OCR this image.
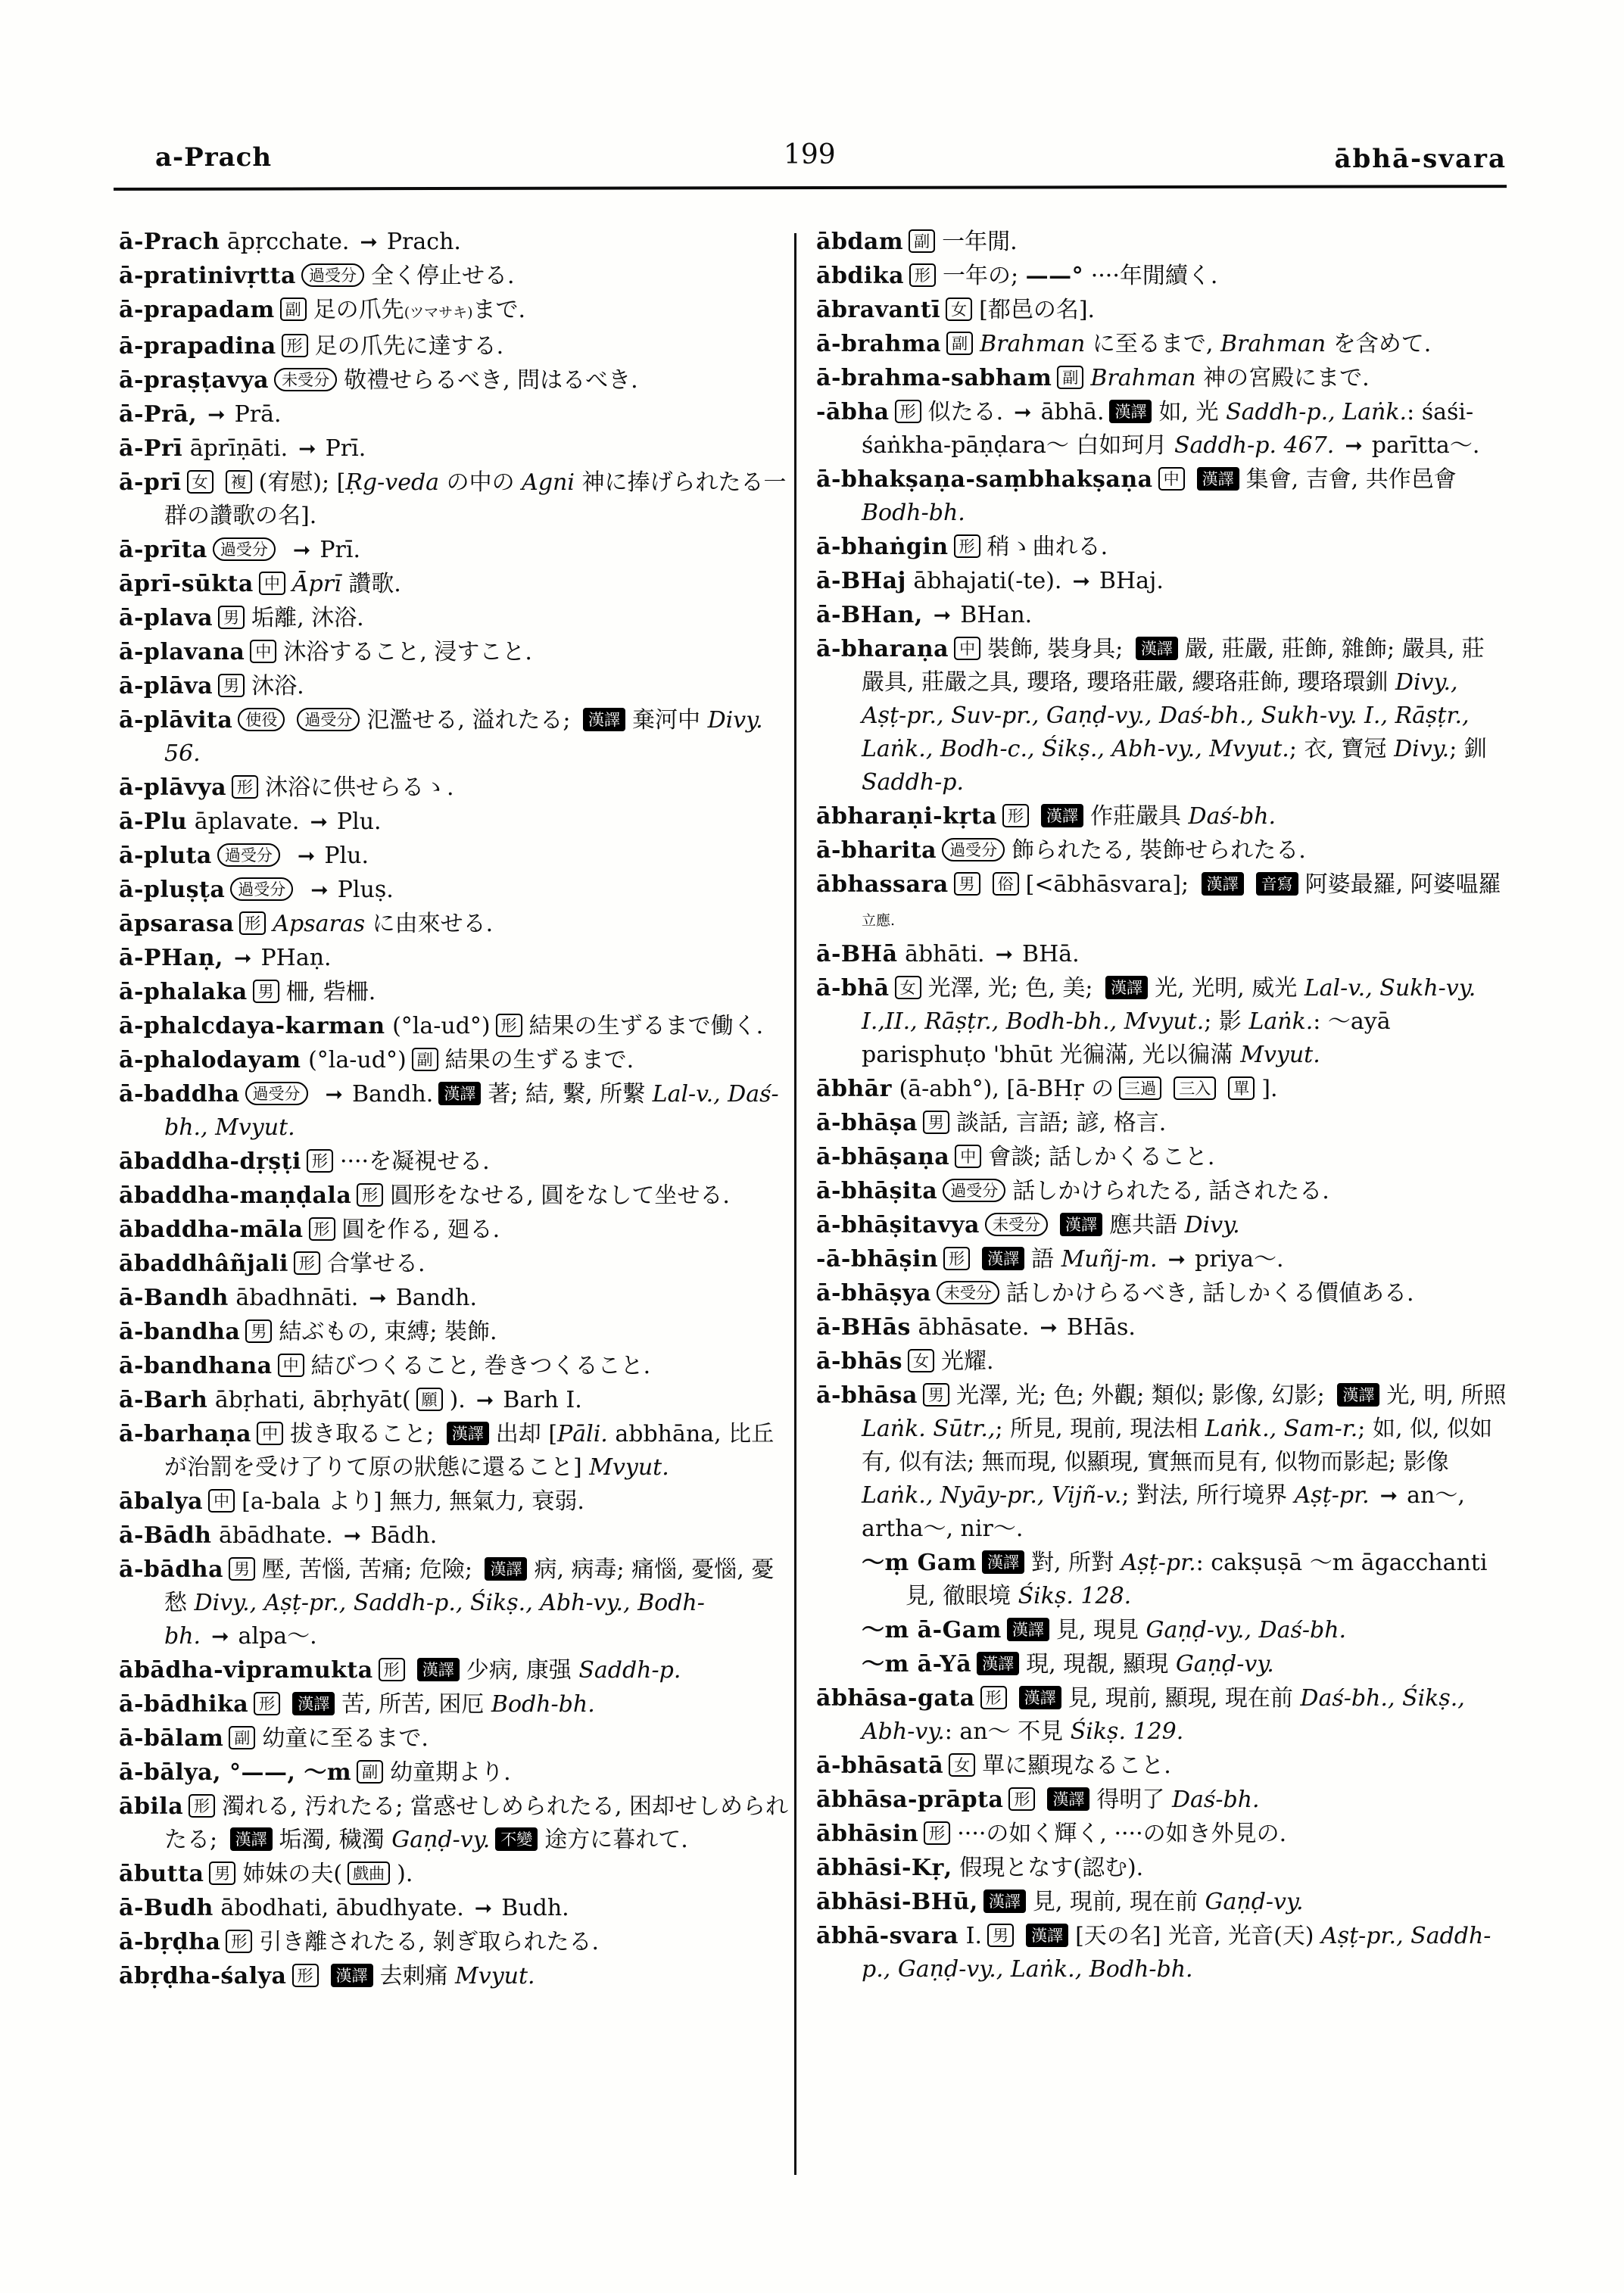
a-Prach	199	ābhā-svara
ā-Prach āpṛcchate. ➞ Prach.
ā-pratinivṛtta 過受分 全く停止せる.
ā-prapadam 副 足の爪先(ツマサキ)まで.
ā-prapadina 形 足の爪先に達する.
ā-praṣṭavya 未受分 敬禮せらるべき, 問はるべき.
ā-Prā, ➞ Prā.
ā-Prī āprīṇāti. ➞ Prī.
ā-prī 女 複 (宥慰); [Ṛg-veda の中の Agni 神に捧げられたる一群の讚歌の名].
ā-prīta 過受分 ➞ Prī.
āprī-sūkta 中 Āprī 讚歌.
ā-plava 男 垢離, 沐浴.
ā-plavana 中 沐浴すること, 浸すこと.
ā-plāva 男 沐浴.
ā-plāvita 使役 過受分 氾濫せる, 溢れたる; 漢譯 棄河中 Divy. 56.
ā-plāvya 形 沐浴に供せらるゝ.
ā-Plu āplavate. ➞ Plu.
ā-pluta 過受分 ➞ Plu.
ā-pluṣṭa 過受分 ➞ Pluṣ.
āpsarasa 形 Apsaras に由來せる.
ā-PHaṇ, ➞ PHaṇ.
ā-phalaka 男 柵, 砦柵.
ā-phalcdaya-karman (°la-ud°) 形 結果の生ずるまで働く.
ā-phalodayam (°la-ud°) 副 結果の生ずるまで.
ā-baddha 過受分 ➞ Bandh. 漢譯 著; 結, 繫, 所繫 Lal-v., Daś-bh., Mvyut.
ābaddha-dṛṣṭi 形 ····を凝視せる.
ābaddha-maṇḍala 形 圓形をなせる, 圓をなして坐せる.
ābaddha-māla 形 圓を作る, 廻る.
ābaddhâñjali 形 合掌せる.
ā-Bandh ābadhnāti. ➞ Bandh.
ā-bandha 男 結ぶもの, 束縛; 裝飾.
ā-bandhana 中 結びつくること, 巻きつくること.
ā-Barh ābṛhati, ābṛhyāt( 願 ). ➞ Barh I.
ā-barhaṇa 中 拔き取ること; 漢譯 出却 [Pāli. abbhāna, 比丘が治罰を受け了りて原の狀態に還ること] Mvyut.
ābalya 中 [a-bala より] 無力, 無氣力, 衰弱.
ā-Bādh ābādhate. ➞ Bādh.
ā-bādha 男 壓, 苦惱, 苦痛; 危險; 漢譯 病, 病毒; 痛惱, 憂惱, 憂愁 Divy., Aṣṭ-pr., Saddh-p., Śikṣ., Abh-vy., Bodh-bh. ➞ alpa〜.
ābādha-vipramukta 形 漢譯 少病, 康强 Saddh-p.
ā-bādhika 形 漢譯 苦, 所苦, 困厄 Bodh-bh.
ā-bālam 副 幼童に至るまで.
ā-bālya, °——, 〜m 副 幼童期より.
ābila 形 濁れる, 汚れたる; 當惑せしめられたる, 困却せしめられたる; 漢譯 垢濁, 穢濁 Gaṇḍ-vy. 不變 途方に暮れて.
ābutta 男 姉妹の夫( 戲曲 ).
ā-Budh ābodhati, ābudhyate. ➞ Budh.
ā-bṛḍha 形 引き離されたる, 剝ぎ取られたる.
ābṛḍha-śalya 形 漢譯 去刺痛 Mvyut.
ābdam 副 一年閒.
ābdika 形 一年の; ——° ····年閒續く.
ābravantī 女 [都邑の名].
ā-brahma 副 Brahman に至るまで, Brahman を含めて.
ā-brahma-sabham 副 Brahman 神の宮殿にまで.
-ābha 形 似たる. ➞ ābhā. 漢譯 如, 光 Saddh-p., Laṅk.: śaśi-śaṅkha-pāṇḍara〜 白如珂月 Saddh-p. 467. ➞ parītta〜.
ā-bhakṣaṇa-saṃbhakṣaṇa 中 漢譯 集會, 吉會, 共作邑會 Bodh-bh.
ā-bhaṅgin 形 稍ゝ曲れる.
ā-BHaj ābhajati(-te). ➞ BHaj.
ā-BHan, ➞ BHan.
ā-bharaṇa 中 裝飾, 裝身具; 漢譯 嚴, 莊嚴, 莊飾, 雜飾; 嚴具, 莊嚴具, 莊嚴之具, 瓔珞, 瓔珞莊嚴, 纓珞莊飾, 瓔珞環釧 Divy., Aṣṭ-pr., Suv-pr., Gaṇḍ-vy., Daś-bh., Sukh-vy. I., Rāṣṭr., Laṅk., Bodh-c., Śikṣ., Abh-vy., Mvyut.; 衣, 寶冠 Divy.; 釧 Saddh-p.
ābharaṇi-kṛta 形 漢譯 作莊嚴具 Daś-bh.
ā-bharita 過受分 飾られたる, 裝飾せられたる.
ābhassara 男 俗 [<ābhāsvara]; 漢譯 音寫 阿婆最羅, 阿婆嗢羅 立應.
ā-BHā ābhāti. ➞ BHā.
ā-bhā 女 光澤, 光; 色, 美; 漢譯 光, 光明, 威光 Lal-v., Sukh-vy. I.,II., Rāṣṭr., Bodh-bh., Mvyut.; 影 Laṅk.: 〜ayā parisphuṭo 'bhūt 光徧滿, 光以徧滿 Mvyut.
ābhār (ā-abh°), [ā-BHṛ の 三過 三入 單 ].
ā-bhāṣa 男 談話, 言語; 諺, 格言.
ā-bhāṣaṇa 中 會談; 話しかくること.
ā-bhāṣita 過受分 話しかけられたる, 話されたる.
ā-bhāṣitavya 未受分 漢譯 應共語 Divy.
-ā-bhāṣin 形 漢譯 語 Muñj-m. ➞ priya〜.
ā-bhāṣya 未受分 話しかけらるべき, 話しかくる價値ある.
ā-BHās ābhāsate. ➞ BHās.
ā-bhās 女 光耀.
ā-bhāsa 男 光澤, 光; 色; 外觀; 類似; 影像, 幻影; 漢譯 光, 明, 所照 Laṅk. Sūtr.,; 所見, 現前, 現法相 Laṅk., Sam-r.; 如, 似, 似如有, 似有法; 無而現, 似顯現, 實無而見有, 似物而影起; 影像 Laṅk., Nyāy-pr., Vijñ-v.; 對法, 所行境界 Aṣṭ-pr. ➞ an〜, artha〜, nir〜.
〜ṃ Gam 漢譯 對, 所對 Aṣṭ-pr.: cakṣuṣā 〜m āgacchanti 見, 徹眼境 Śikṣ. 128.
〜m ā-Gam 漢譯 見, 現見 Gaṇḍ-vy., Daś-bh.
〜m ā-Yā 漢譯 現, 現覩, 顯現 Gaṇḍ-vy.
ābhāsa-gata 形 漢譯 見, 現前, 顯現, 現在前 Daś-bh., Śikṣ., Abh-vy.: an〜 不見 Śikṣ. 129.
ā-bhāsatā 女 單に顯現なること.
ābhāsa-prāpta 形 漢譯 得明了 Daś-bh.
ābhāsin 形 ····の如く輝く, ····の如き外見の.
ābhāsi-Kṛ, 假現となす(認む).
ābhāsi-BHū, 漢譯 見, 現前, 現在前 Gaṇḍ-vy.
ābhā-svara I. 男 漢譯 [天の名] 光音, 光音(天) Aṣṭ-pr., Saddh-p., Gaṇḍ-vy., Laṅk., Bodh-bh.
